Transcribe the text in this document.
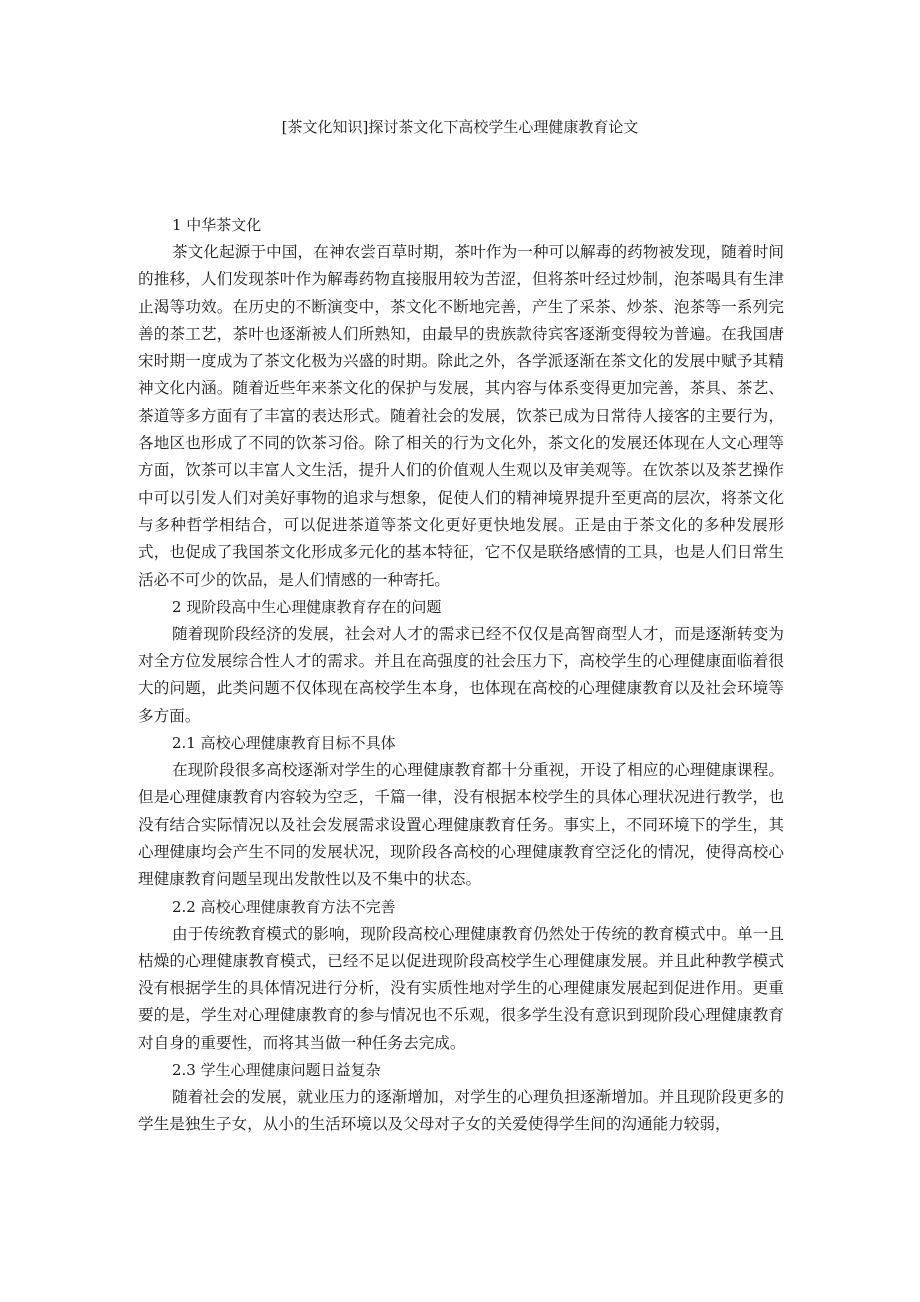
[茶文化知识]探讨茶文化下高校学生心理健康教育论文

1 中华茶文化

茶文化起源于中国，在神农尝百草时期，茶叶作为一种可以解毒的药物被发现，随着时间的推移，人们发现茶叶作为解毒药物直接服用较为苦涩，但将茶叶经过炒制，泡茶喝具有生津止渴等功效。在历史的不断演变中，茶文化不断地完善，产生了采茶、炒茶、泡茶等一系列完善的茶工艺，茶叶也逐渐被人们所熟知，由最早的贵族款待宾客逐渐变得较为普遍。在我国唐宋时期一度成为了茶文化极为兴盛的时期。除此之外，各学派逐渐在茶文化的发展中赋予其精神文化内涵。随着近些年来茶文化的保护与发展，其内容与体系变得更加完善，茶具、茶艺、茶道等多方面有了丰富的表达形式。随着社会的发展，饮茶已成为日常待人接客的主要行为，各地区也形成了不同的饮茶习俗。除了相关的行为文化外，茶文化的发展还体现在人文心理等方面，饮茶可以丰富人文生活，提升人们的价值观人生观以及审美观等。在饮茶以及茶艺操作中可以引发人们对美好事物的追求与想象，促使人们的精神境界提升至更高的层次，将茶文化与多种哲学相结合，可以促进茶道等茶文化更好更快地发展。正是由于茶文化的多种发展形式，也促成了我国茶文化形成多元化的基本特征，它不仅是联络感情的工具，也是人们日常生活必不可少的饮品，是人们情感的一种寄托。

2 现阶段高中生心理健康教育存在的问题

随着现阶段经济的发展，社会对人才的需求已经不仅仅是高智商型人才，而是逐渐转变为对全方位发展综合性人才的需求。并且在高强度的社会压力下，高校学生的心理健康面临着很大的问题，此类问题不仅体现在高校学生本身，也体现在高校的心理健康教育以及社会环境等多方面。

2.1 高校心理健康教育目标不具体

在现阶段很多高校逐渐对学生的心理健康教育都十分重视，开设了相应的心理健康课程。但是心理健康教育内容较为空乏，千篇一律，没有根据本校学生的具体心理状况进行教学，也没有结合实际情况以及社会发展需求设置心理健康教育任务。事实上，不同环境下的学生，其心理健康均会产生不同的发展状况，现阶段各高校的心理健康教育空泛化的情况，使得高校心理健康教育问题呈现出发散性以及不集中的状态。

2.2 高校心理健康教育方法不完善

由于传统教育模式的影响，现阶段高校心理健康教育仍然处于传统的教育模式中。单一且枯燥的心理健康教育模式，已经不足以促进现阶段高校学生心理健康发展。并且此种教学模式没有根据学生的具体情况进行分析，没有实质性地对学生的心理健康发展起到促进作用。更重要的是，学生对心理健康教育的参与情况也不乐观，很多学生没有意识到现阶段心理健康教育对自身的重要性，而将其当做一种任务去完成。

2.3 学生心理健康问题日益复杂

随着社会的发展，就业压力的逐渐增加，对学生的心理负担逐渐增加。并且现阶段更多的学生是独生子女，从小的生活环境以及父母对子女的关爱使得学生间的沟通能力较弱，
